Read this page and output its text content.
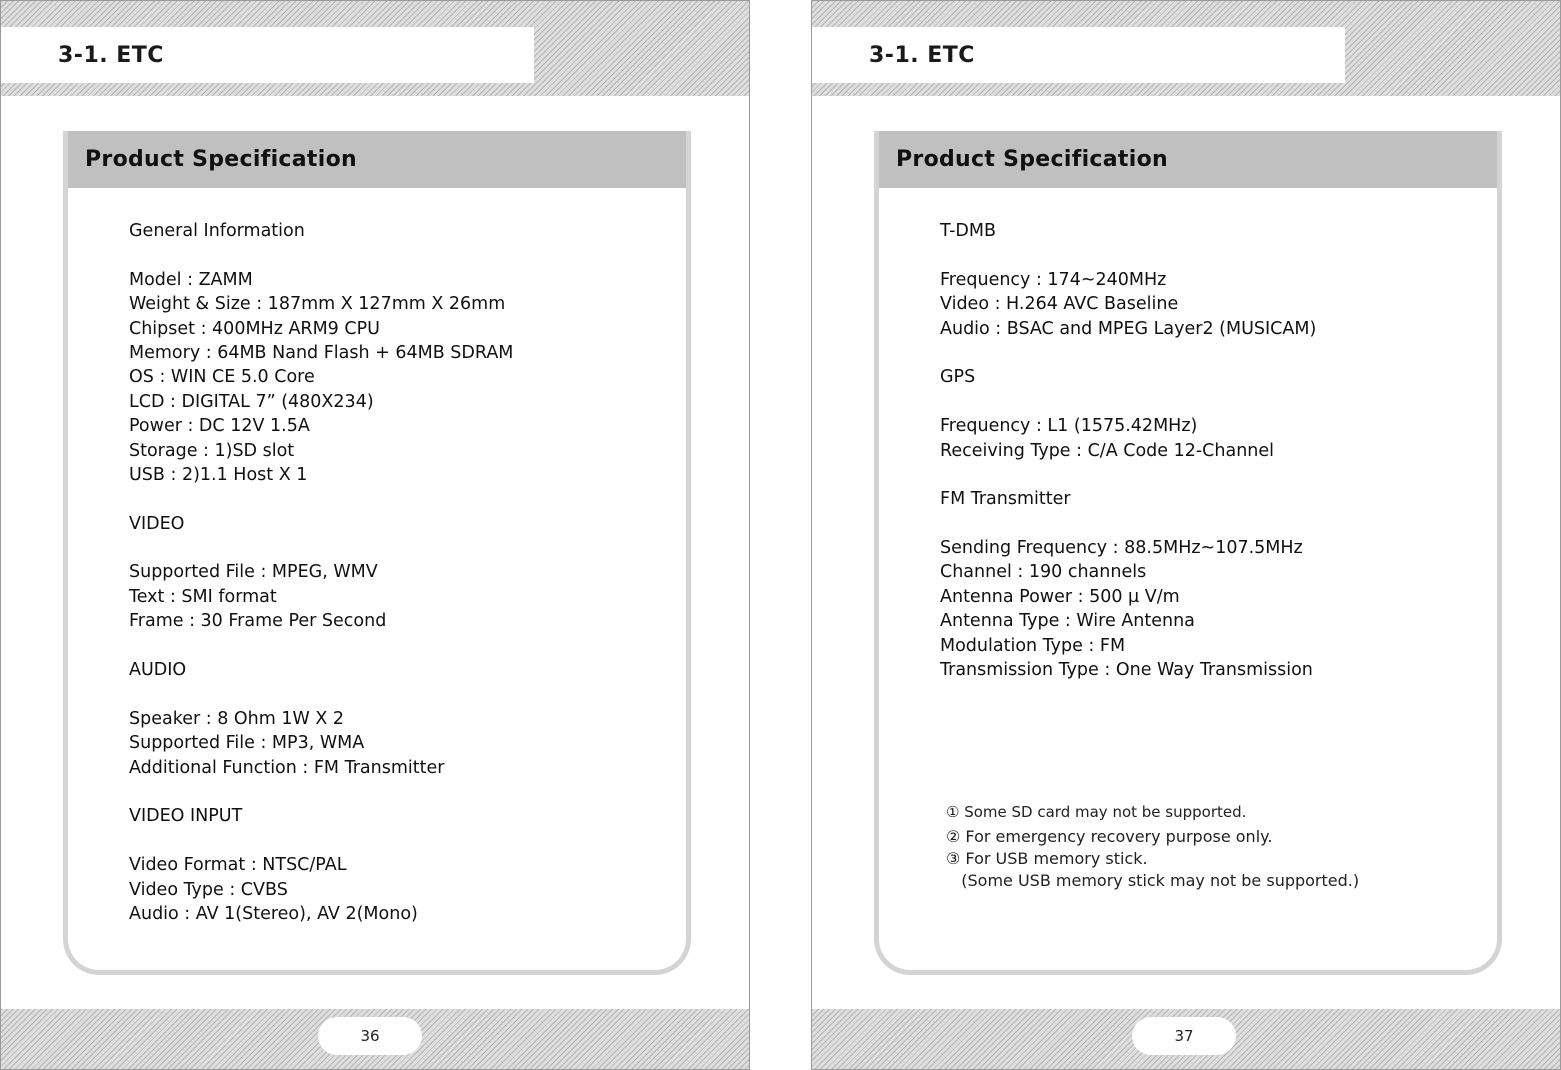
3-1. ETC
Product Specification
General Information
Model : ZAMM
Weight & Size : 187mm X 127mm X 26mm
Chipset : 400MHz ARM9 CPU
Memory : 64MB Nand Flash + 64MB SDRAM
OS : WIN CE 5.0 Core
LCD : DIGITAL 7” (480X234)
Power : DC 12V 1.5A
Storage : 1)SD slot
USB : 2)1.1 Host X 1
VIDEO
Supported File : MPEG, WMV
Text : SMI format
Frame : 30 Frame Per Second
AUDIO
Speaker : 8 Ohm 1W X 2
Supported File : MP3, WMA
Additional Function : FM Transmitter
VIDEO INPUT
Video Format : NTSC/PAL
Video Type : CVBS
Audio : AV 1(Stereo), AV 2(Mono)
36
3-1. ETC
Product Specification
T-DMB
Frequency : 174~240MHz
Video : H.264 AVC Baseline
Audio : BSAC and MPEG Layer2 (MUSICAM)
GPS
Frequency : L1 (1575.42MHz)
Receiving Type : C/A Code 12-Channel
FM Transmitter
Sending Frequency : 88.5MHz~107.5MHz
Channel : 190 channels
Antenna Power : 500 µ V/m
Antenna Type : Wire Antenna
Modulation Type : FM
Transmission Type : One Way Transmission
① Some SD card may not be supported.
② For emergency recovery purpose only.
③ For USB memory stick.
(Some USB memory stick may not be supported.)
37
